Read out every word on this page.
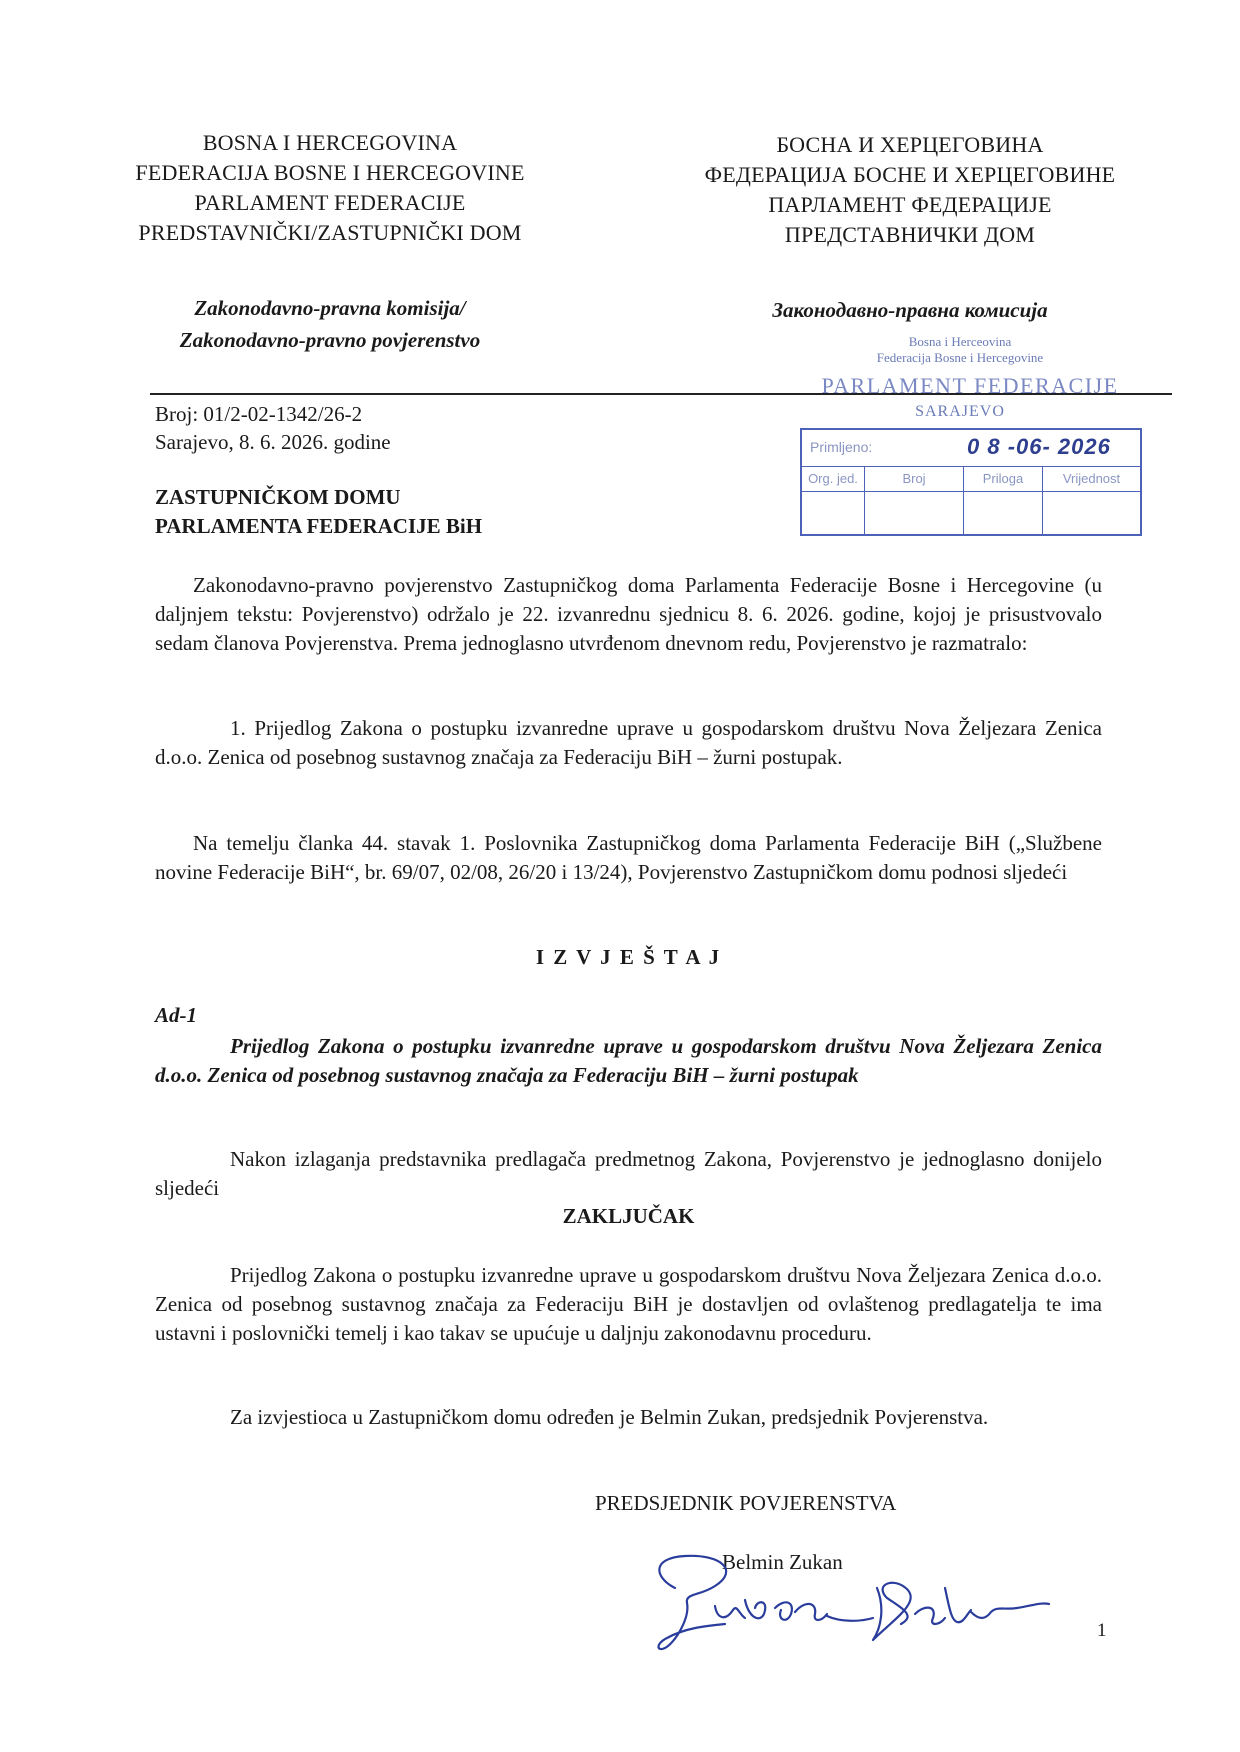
BOSNA I HERCEGOVINA
FEDERACIJA BOSNE I HERCEGOVINE
PARLAMENT FEDERACIJE
PREDSTAVNIČKI/ZASTUPNIČKI DOM
БОСНА И ХЕРЦЕГОВИНА
ФЕДЕРАЦИЈА БОСНЕ И ХЕРЦЕГОВИНЕ
ПАРЛАМЕНТ ФЕДЕРАЦИЈЕ
ПРЕДСТАВНИЧКИ ДОМ
Zakonodavno-pravna komisija/
Zakonodavno-pravno povjerenstvo
Законодавно-правна комисија
Bosna i Herceovina
Federacija Bosne i Hercegovine
PARLAMENT FEDERACIJE
SARAJEVO
Primljeno:	0 8 -06- 2026
Org. jed.	Broj	Priloga	Vrijednost
Broj: 01/2-02-1342/26-2
Sarajevo, 8. 6. 2026. godine
ZASTUPNIČKOM DOMU
PARLAMENTA FEDERACIJE BiH
Zakonodavno-pravno povjerenstvo Zastupničkog doma Parlamenta Federacije Bosne i Hercegovine (u daljnjem tekstu: Povjerenstvo) održalo je 22. izvanrednu sjednicu 8. 6. 2026. godine, kojoj je prisustvovalo sedam članova Povjerenstva. Prema jednoglasno utvrđenom dnevnom redu, Povjerenstvo je razmatralo:
1. Prijedlog Zakona o postupku izvanredne uprave u gospodarskom društvu Nova Željezara Zenica d.o.o. Zenica od posebnog sustavnog značaja za Federaciju BiH – žurni postupak.
Na temelju članka 44. stavak 1. Poslovnika Zastupničkog doma Parlamenta Federacije BiH („Službene novine Federacije BiH“, br. 69/07, 02/08, 26/20 i 13/24), Povjerenstvo Zastupničkom domu podnosi sljedeći
I Z V J E Š T A J
Ad-1
Prijedlog Zakona o postupku izvanredne uprave u gospodarskom društvu Nova Željezara Zenica d.o.o. Zenica od posebnog sustavnog značaja za Federaciju BiH – žurni postupak
Nakon izlaganja predstavnika predlagača predmetnog Zakona, Povjerenstvo je jednoglasno donijelo sljedeći
ZAKLJUČAK
Prijedlog Zakona o postupku izvanredne uprave u gospodarskom društvu Nova Željezara Zenica d.o.o. Zenica od posebnog sustavnog značaja za Federaciju BiH je dostavljen od ovlaštenog predlagatelja te ima ustavni i poslovnički temelj i kao takav se upućuje u daljnju zakonodavnu proceduru.
Za izvjestioca u Zastupničkom domu određen je Belmin Zukan, predsjednik Povjerenstva.
PREDSJEDNIK POVJERENSTVA
Belmin Zukan
1
